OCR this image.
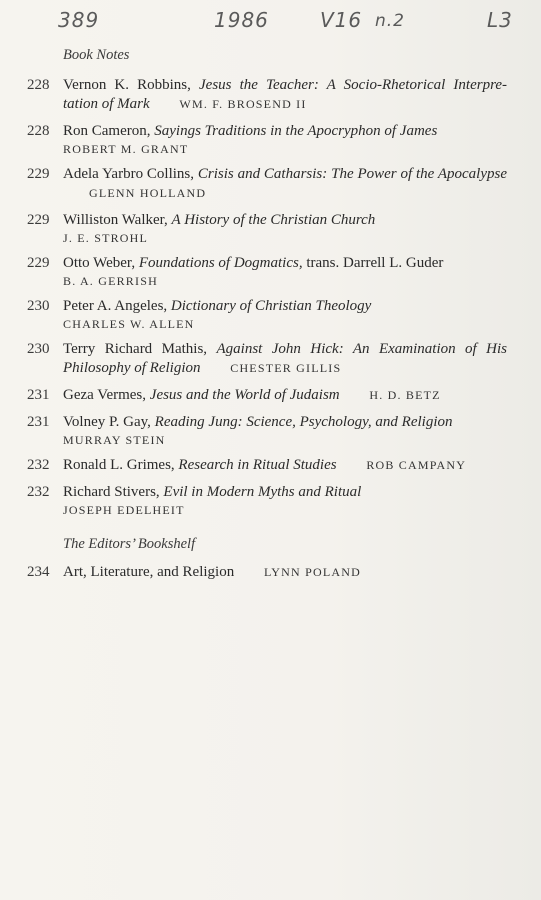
389	1986	V16 n.2	L3
Book Notes
228 Vernon K. Robbins, Jesus the Teacher: A Socio-Rhetorical Interpre-tation of Mark WM. F. BROSEND II
228 Ron Cameron, Sayings Traditions in the Apocryphon of James
ROBERT M. GRANT
229 Adela Yarbro Collins, Crisis and Catharsis: The Power of the Apocalypse GLENN HOLLAND
229 Williston Walker, A History of the Christian Church
J. E. STROHL
229 Otto Weber, Foundations of Dogmatics, trans. Darrell L. Guder
B. A. GERRISH
230 Peter A. Angeles, Dictionary of Christian Theology
CHARLES W. ALLEN
230 Terry Richard Mathis, Against John Hick: An Examination of His Philosophy of Religion CHESTER GILLIS
231 Geza Vermes, Jesus and the World of Judaism H. D. BETZ
231 Volney P. Gay, Reading Jung: Science, Psychology, and Religion
MURRAY STEIN
232 Ronald L. Grimes, Research in Ritual Studies ROB CAMPANY
232 Richard Stivers, Evil in Modern Myths and Ritual
JOSEPH EDELHEIT
The Editors’ Bookshelf
234 Art, Literature, and Religion LYNN POLAND
